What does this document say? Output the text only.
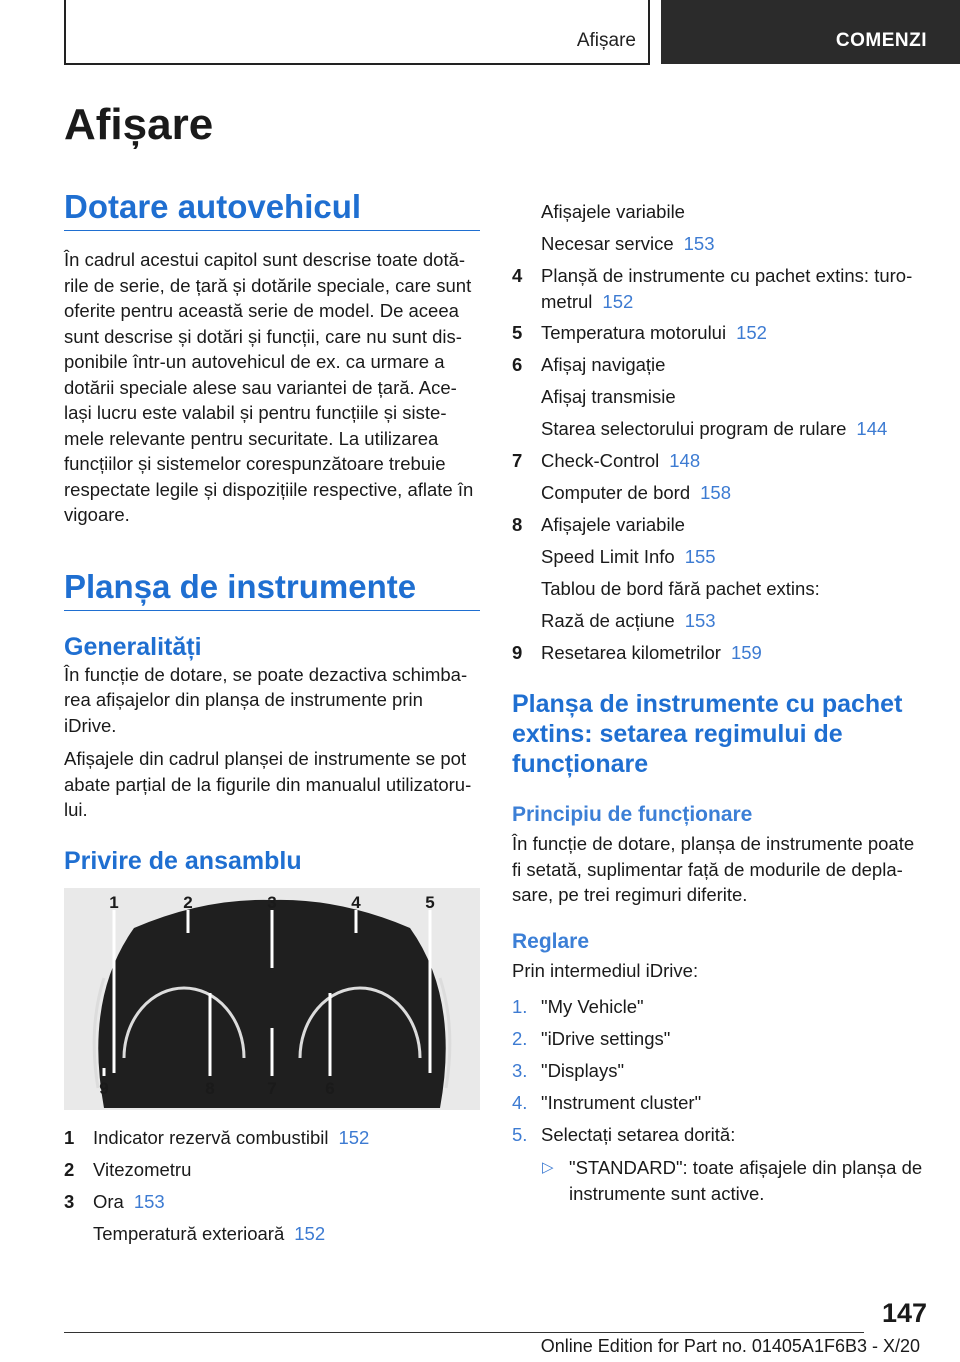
Afișare	COMENZI
Afișare
Dotare autovehicul

În cadrul acestui capitol sunt descrise toate dotă‐rile de serie, de țară și dotările speciale, care sunt oferite pentru această serie de model. De aceea sunt descrise și dotări și funcții, care nu sunt dis‐ponibile într-un autovehicul de ex. ca urmare a dotării speciale alese sau variantei de țară. Ace‐lași lucru este valabil și pentru funcțiile și siste‐mele relevante pentru securitate. La utilizarea funcțiilor și sistemelor corespunzătoare trebuie respectate legile și dispozițiile respective, aflate în vigoare.

Planșa de instrumente
Generalități

În funcție de dotare, se poate dezactiva schimba‐rea afișajelor din planșa de instrumente prin iDrive.

Afișajele din cadrul planșei de instrumente se pot abate parțial de la figurile din manualul utilizatoru‐lui.

Privire de ansamblu
1	2	3	4	5
6
7
8
9
1 Indicator rezervă combustibil 152
2 Vitezometru
3 Ora 153
Temperatură exterioară 152
Afișajele variabile
Necesar service 153
4 Planșă de instrumente cu pachet extins: turo‐metrul 152
5 Temperatura motorului 152
6 Afișaj navigație
Afișaj transmisie
Starea selectorului program de rulare 144
7 Check-Control 148
Computer de bord 158
8 Afișajele variabile
Speed Limit Info 155
Tablou de bord fără pachet extins:
Rază de acțiune 153
9 Resetarea kilometrilor 159
Planșa de instrumente cu pachet extins: setarea regimului de funcționare
Principiu de funcționare

În funcție de dotare, planșa de instrumente poate fi setată, suplimentar față de modurile de depla‐sare, pe trei regimuri diferite.

Reglare

Prin intermediul iDrive:

1. "My Vehicle"
2. "iDrive settings"
3. "Displays"
4. "Instrument cluster"
5. Selectați setarea dorită:
▷ "STANDARD": toate afișajele din planșa de instrumente sunt active.
147
Online Edition for Part no. 01405A1F6B3 - X/20
